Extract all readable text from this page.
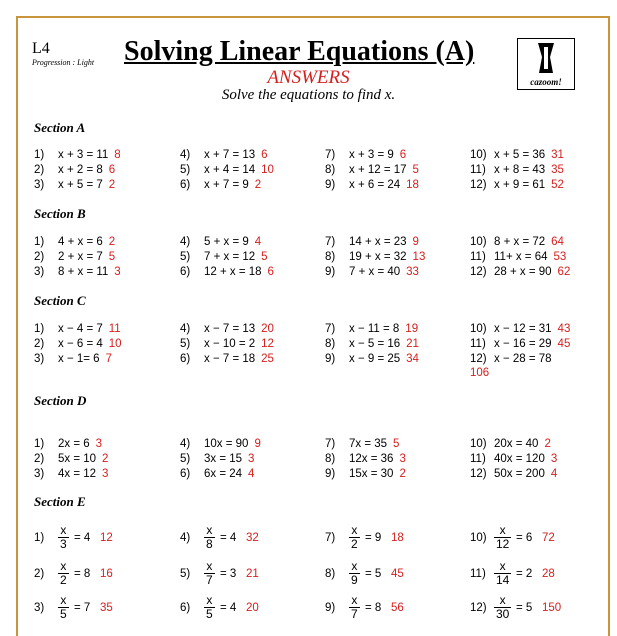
L4
Progression : Light Solving Linear Equations (A)
ANSWERS
Solve the equations to find x.
cazoom!
Section A
1) x + 3 = 11 8
2) x + 2 = 8 6
3) x + 5 = 7 2
4) x + 7 = 13 6
5) x + 4 = 14 10
6) x + 7 = 9 2
7) x + 3 = 9 6
8) x + 12 = 17 5
9) x + 6 = 24 18
10) x + 5 = 36 31
11) x + 8 = 43 35
12) x + 9 = 61 52
Section B
1) 4 + x = 6 2
2) 2 + x = 7 5
3) 8 + x = 11 3
4) 5 + x = 9 4
5) 7 + x = 12 5
6) 12 + x = 18 6
7) 14 + x = 23 9
8) 19 + x = 32 13
9) 7 + x = 40 33
10) 8 + x = 72 64
11) 11+ x = 64 53
12) 28 + x = 90 62
Section C
1) x − 4 = 7 11
2) x − 6 = 4 10
3) x − 1= 6 7
4) x − 7 = 13 20
5) x − 10 = 2 12
6) x − 7 = 18 25
7) x − 11 = 8 19
8) x − 5 = 16 21
9) x − 9 = 25 34
10) x − 12 = 31 43
11) x − 16 = 29 45
12) x − 28 = 78
106
Section D
1) 2x = 6 3
2) 5x = 10 2
3) 4x = 12 3
4) 10x = 90 9
5) 3x = 15 3
6) 6x = 24 4
7) 7x = 35 5
8) 12x = 36 3
9) 15x = 30 2
10) 20x = 40 2
11) 40x = 120 3
12) 50x = 200 4
Section E
$1) \frac{x}{3} = 4$ 12
$2) \frac{x}{2} = 8$ 16
$3) \frac{x}{5} = 7$ 35
$4) \frac{x}{8} = 4$ 32
$5) \frac{x}{7} = 3$ 21
$6) \frac{x}{5} = 4$ 20
$7) \frac{x}{2} = 9$ 18
$8) \frac{x}{9} = 5$ 45
$9) \frac{x}{7} = 8$ 56
$10) \frac{x}{12} = 6$ 72
$11) \frac{x}{14} = 2$ 28
$12) \frac{x}{30} = 5$ 150
